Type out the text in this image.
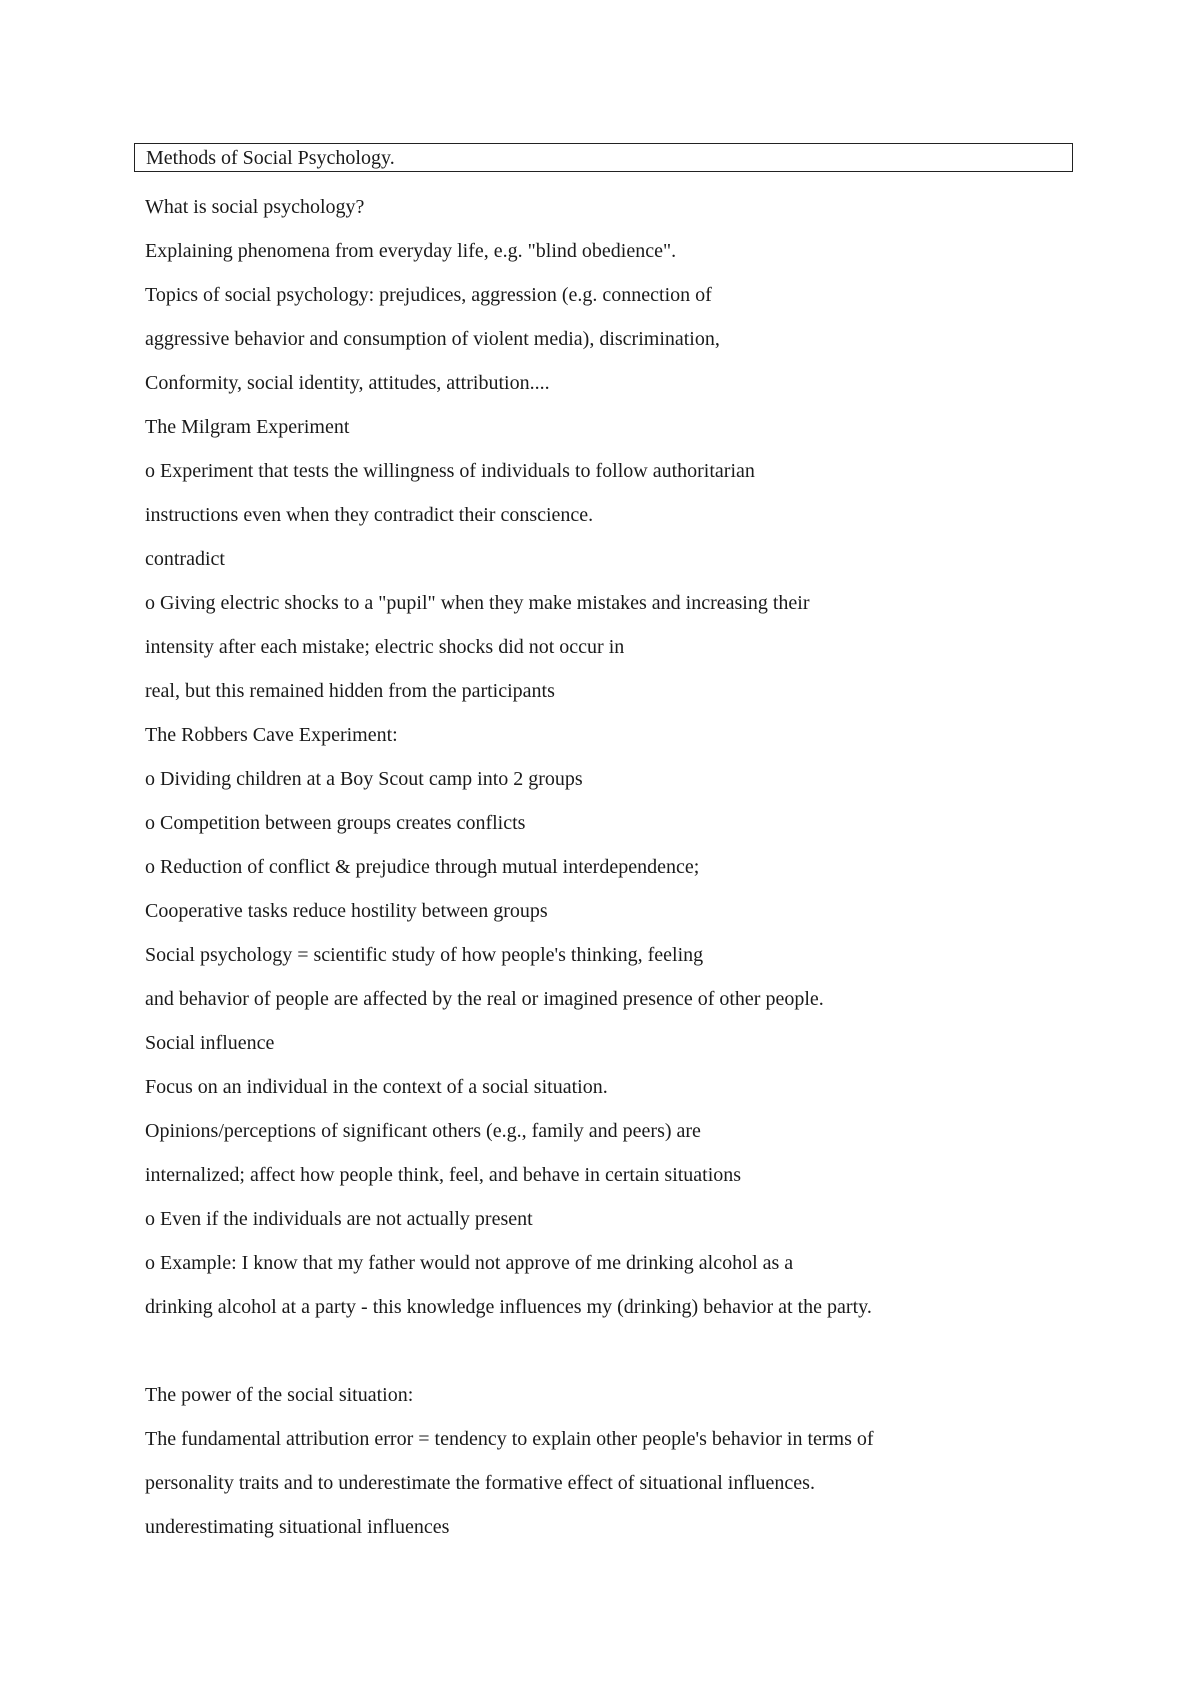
Methods of Social Psychology.
What is social psychology?
Explaining phenomena from everyday life, e.g. "blind obedience".
Topics of social psychology: prejudices, aggression (e.g. connection of
aggressive behavior and consumption of violent media), discrimination,
Conformity, social identity, attitudes, attribution....
The Milgram Experiment
o Experiment that tests the willingness of individuals to follow authoritarian
instructions even when they contradict their conscience.
contradict
o Giving electric shocks to a "pupil" when they make mistakes and increasing their
intensity after each mistake; electric shocks did not occur in
real, but this remained hidden from the participants
The Robbers Cave Experiment:
o Dividing children at a Boy Scout camp into 2 groups
o Competition between groups creates conflicts
o Reduction of conflict & prejudice through mutual interdependence;
Cooperative tasks reduce hostility between groups
Social psychology = scientific study of how people's thinking, feeling
and behavior of people are affected by the real or imagined presence of other people.
Social influence
Focus on an individual in the context of a social situation.
Opinions/perceptions of significant others (e.g., family and peers) are
internalized; affect how people think, feel, and behave in certain situations
o Even if the individuals are not actually present
o Example: I know that my father would not approve of me drinking alcohol as a
drinking alcohol at a party - this knowledge influences my (drinking) behavior at the party.
The power of the social situation:
The fundamental attribution error = tendency to explain other people's behavior in terms of
personality traits and to underestimate the formative effect of situational influences.
underestimating situational influences
